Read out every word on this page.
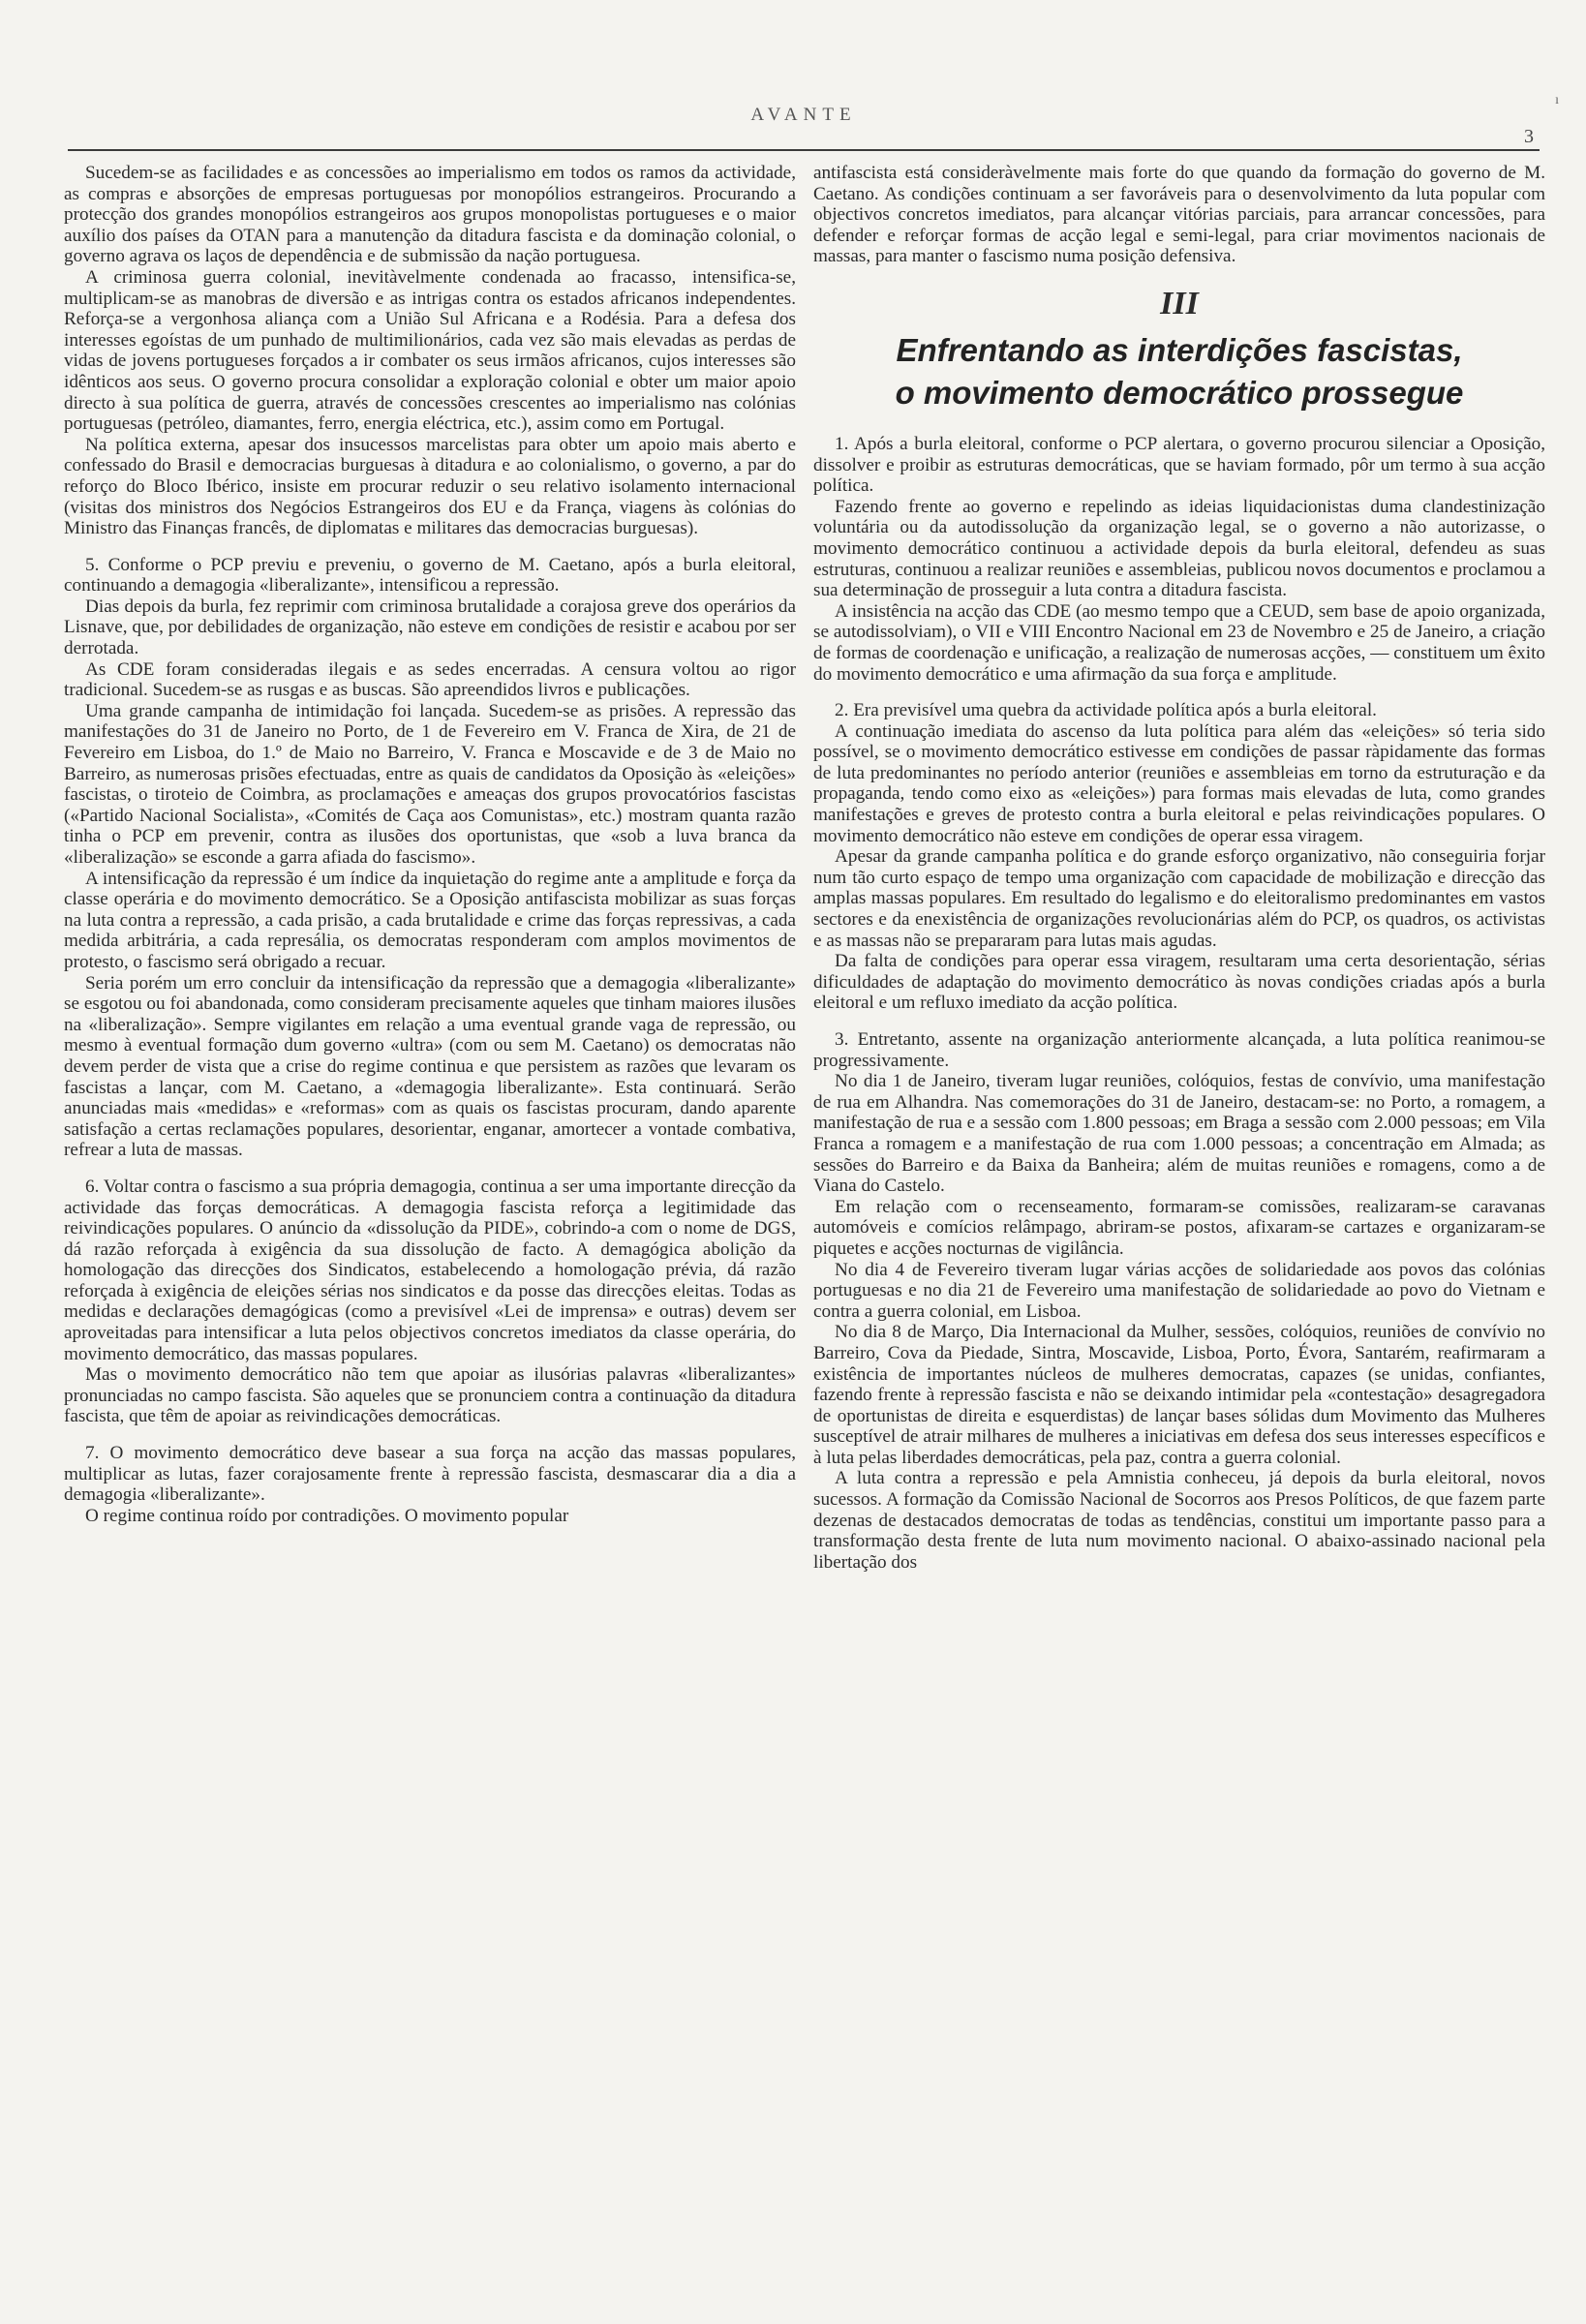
AVANTE
3
ı

Sucedem-se as facilidades e as concessões ao imperialismo em todos os ramos da actividade, as compras e absorções de empresas portuguesas por monopólios estrangeiros. Procurando a protecção dos grandes monopólios estrangeiros aos grupos monopolistas portugueses e o maior auxílio dos países da OTAN para a manutenção da ditadura fascista e da dominação colonial, o governo agrava os laços de dependência e de submissão da nação portuguesa.

A criminosa guerra colonial, inevitàvelmente condenada ao fracasso, intensifica-se, multiplicam-se as manobras de diversão e as intrigas contra os estados africanos independentes. Reforça-se a vergonhosa aliança com a União Sul Africana e a Rodésia. Para a defesa dos interesses egoístas de um punhado de multimilionários, cada vez são mais elevadas as perdas de vidas de jovens portugueses forçados a ir combater os seus irmãos africanos, cujos interesses são idênticos aos seus. O governo procura consolidar a exploração colonial e obter um maior apoio directo à sua política de guerra, através de concessões crescentes ao imperialismo nas colónias portuguesas (petróleo, diamantes, ferro, energia eléctrica, etc.), assim como em Portugal.

Na política externa, apesar dos insucessos marcelistas para obter um apoio mais aberto e confessado do Brasil e democracias burguesas à ditadura e ao colonialismo, o governo, a par do reforço do Bloco Ibérico, insiste em procurar reduzir o seu relativo isolamento internacional (visitas dos ministros dos Negócios Estrangeiros dos EU e da França, viagens às colónias do Ministro das Finanças francês, de diplomatas e militares das democracias burguesas).

5. Conforme o PCP previu e preveniu, o governo de M. Caetano, após a burla eleitoral, continuando a demagogia «liberalizante», intensificou a repressão.

Dias depois da burla, fez reprimir com criminosa brutalidade a corajosa greve dos operários da Lisnave, que, por debilidades de organização, não esteve em condições de resistir e acabou por ser derrotada.

As CDE foram consideradas ilegais e as sedes encerradas. A censura voltou ao rigor tradicional. Sucedem-se as rusgas e as buscas. São apreendidos livros e publicações.

Uma grande campanha de intimidação foi lançada. Sucedem-se as prisões. A repressão das manifestações do 31 de Janeiro no Porto, de 1 de Fevereiro em V. Franca de Xira, de 21 de Fevereiro em Lisboa, do 1.º de Maio no Barreiro, V. Franca e Moscavide e de 3 de Maio no Barreiro, as numerosas prisões efectuadas, entre as quais de candidatos da Oposição às «eleições» fascistas, o tiroteio de Coimbra, as proclamações e ameaças dos grupos provocatórios fascistas («Partido Nacional Socialista», «Comités de Caça aos Comunistas», etc.) mostram quanta razão tinha o PCP em prevenir, contra as ilusões dos oportunistas, que «sob a luva branca da «liberalização» se esconde a garra afiada do fascismo».

A intensificação da repressão é um índice da inquietação do regime ante a amplitude e força da classe operária e do movimento democrático. Se a Oposição antifascista mobilizar as suas forças na luta contra a repressão, a cada prisão, a cada brutalidade e crime das forças repressivas, a cada medida arbitrária, a cada represália, os democratas responderam com amplos movimentos de protesto, o fascismo será obrigado a recuar.

Seria porém um erro concluir da intensificação da repressão que a demagogia «liberalizante» se esgotou ou foi abandonada, como consideram precisamente aqueles que tinham maiores ilusões na «liberalização». Sempre vigilantes em relação a uma eventual grande vaga de repressão, ou mesmo à eventual formação dum governo «ultra» (com ou sem M. Caetano) os democratas não devem perder de vista que a crise do regime continua e que persistem as razões que levaram os fascistas a lançar, com M. Caetano, a «demagogia liberalizante». Esta continuará. Serão anunciadas mais «medidas» e «reformas» com as quais os fascistas procuram, dando aparente satisfação a certas reclamações populares, desorientar, enganar, amortecer a vontade combativa, refrear a luta de massas.

6. Voltar contra o fascismo a sua própria demagogia, continua a ser uma importante direcção da actividade das forças democráticas. A demagogia fascista reforça a legitimidade das reivindicações populares. O anúncio da «dissolução da PIDE», cobrindo-a com o nome de DGS, dá razão reforçada à exigência da sua dissolução de facto. A demagógica abolição da homologação das direcções dos Sindicatos, estabelecendo a homologação prévia, dá razão reforçada à exigência de eleições sérias nos sindicatos e da posse das direcções eleitas. Todas as medidas e declarações demagógicas (como a previsível «Lei de imprensa» e outras) devem ser aproveitadas para intensificar a luta pelos objectivos concretos imediatos da classe operária, do movimento democrático, das massas populares.

Mas o movimento democrático não tem que apoiar as ilusórias palavras «liberalizantes» pronunciadas no campo fascista. São aqueles que se pronunciem contra a continuação da ditadura fascista, que têm de apoiar as reivindicações democráticas.

7. O movimento democrático deve basear a sua força na acção das massas populares, multiplicar as lutas, fazer corajosamente frente à repressão fascista, desmascarar dia a dia a demagogia «liberalizante».

O regime continua roído por contradições. O movimento popular

antifascista está consideràvelmente mais forte do que quando da formação do governo de M. Caetano. As condições continuam a ser favoráveis para o desenvolvimento da luta popular com objectivos concretos imediatos, para alcançar vitórias parciais, para arrancar concessões, para defender e reforçar formas de acção legal e semi-legal, para criar movimentos nacionais de massas, para manter o fascismo numa posição defensiva.

III
Enfrentando as interdições fascistas,
o movimento democrático prossegue

1. Após a burla eleitoral, conforme o PCP alertara, o governo procurou silenciar a Oposição, dissolver e proibir as estruturas democráticas, que se haviam formado, pôr um termo à sua acção política.

Fazendo frente ao governo e repelindo as ideias liquidacionistas duma clandestinização voluntária ou da autodissolução da organização legal, se o governo a não autorizasse, o movimento democrático continuou a actividade depois da burla eleitoral, defendeu as suas estruturas, continuou a realizar reuniões e assembleias, publicou novos documentos e proclamou a sua determinação de prosseguir a luta contra a ditadura fascista.

A insistência na acção das CDE (ao mesmo tempo que a CEUD, sem base de apoio organizada, se autodissolviam), o VII e VIII Encontro Nacional em 23 de Novembro e 25 de Janeiro, a criação de formas de coordenação e unificação, a realização de numerosas acções, — constituem um êxito do movimento democrático e uma afirmação da sua força e amplitude.

2. Era previsível uma quebra da actividade política após a burla eleitoral.

A continuação imediata do ascenso da luta política para além das «eleições» só teria sido possível, se o movimento democrático estivesse em condições de passar ràpidamente das formas de luta predominantes no período anterior (reuniões e assembleias em torno da estruturação e da propaganda, tendo como eixo as «eleições») para formas mais elevadas de luta, como grandes manifestações e greves de protesto contra a burla eleitoral e pelas reivindicações populares. O movimento democrático não esteve em condições de operar essa viragem.

Apesar da grande campanha política e do grande esforço organizativo, não conseguiria forjar num tão curto espaço de tempo uma organização com capacidade de mobilização e direcção das amplas massas populares. Em resultado do legalismo e do eleitoralismo predominantes em vastos sectores e da enexistência de organizações revolucionárias além do PCP, os quadros, os activistas e as massas não se prepararam para lutas mais agudas.

Da falta de condições para operar essa viragem, resultaram uma certa desorientação, sérias dificuldades de adaptação do movimento democrático às novas condições criadas após a burla eleitoral e um refluxo imediato da acção política.

3. Entretanto, assente na organização anteriormente alcançada, a luta política reanimou-se progressivamente.

No dia 1 de Janeiro, tiveram lugar reuniões, colóquios, festas de convívio, uma manifestação de rua em Alhandra. Nas comemorações do 31 de Janeiro, destacam-se: no Porto, a romagem, a manifestação de rua e a sessão com 1.800 pessoas; em Braga a sessão com 2.000 pessoas; em Vila Franca a romagem e a manifestação de rua com 1.000 pessoas; a concentração em Almada; as sessões do Barreiro e da Baixa da Banheira; além de muitas reuniões e romagens, como a de Viana do Castelo.

Em relação com o recenseamento, formaram-se comissões, realizaram-se caravanas automóveis e comícios relâmpago, abriram-se postos, afixaram-se cartazes e organizaram-se piquetes e acções nocturnas de vigilância.

No dia 4 de Fevereiro tiveram lugar várias acções de solidariedade aos povos das colónias portuguesas e no dia 21 de Fevereiro uma manifestação de solidariedade ao povo do Vietnam e contra a guerra colonial, em Lisboa.

No dia 8 de Março, Dia Internacional da Mulher, sessões, colóquios, reuniões de convívio no Barreiro, Cova da Piedade, Sintra, Moscavide, Lisboa, Porto, Évora, Santarém, reafirmaram a existência de importantes núcleos de mulheres democratas, capazes (se unidas, confiantes, fazendo frente à repressão fascista e não se deixando intimidar pela «contestação» desagregadora de oportunistas de direita e esquerdistas) de lançar bases sólidas dum Movimento das Mulheres susceptível de atrair milhares de mulheres a iniciativas em defesa dos seus interesses específicos e à luta pelas liberdades democráticas, pela paz, contra a guerra colonial.

A luta contra a repressão e pela Amnistia conheceu, já depois da burla eleitoral, novos sucessos. A formação da Comissão Nacional de Socorros aos Presos Políticos, de que fazem parte dezenas de destacados democratas de todas as tendências, constitui um importante passo para a transformação desta frente de luta num movimento nacional. O abaixo-assinado nacional pela libertação dos
